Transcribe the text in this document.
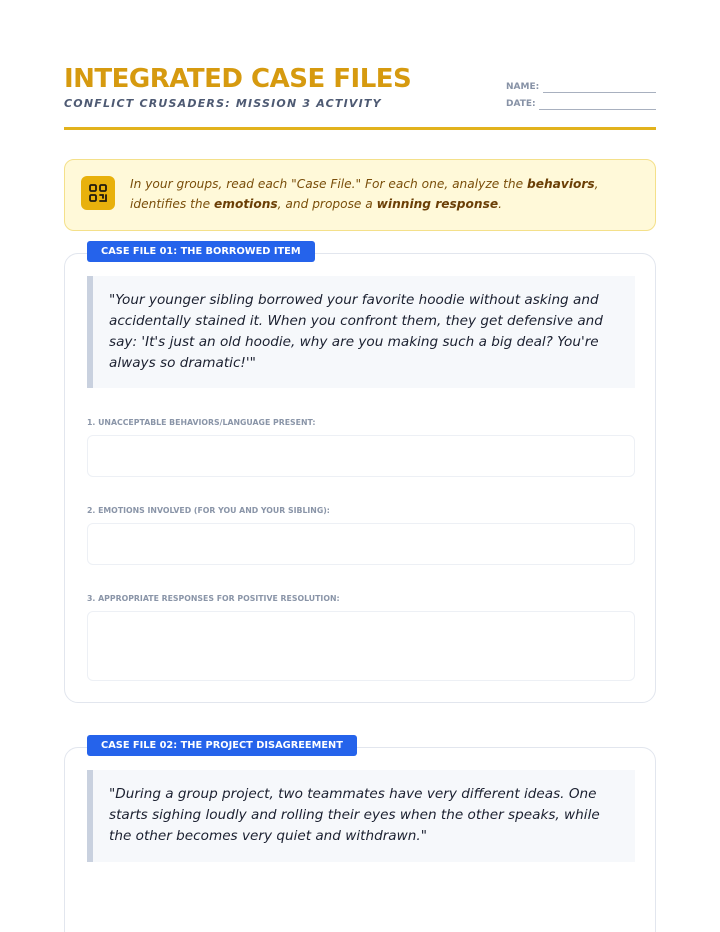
INTEGRATED CASE FILES
CONFLICT CRUSADERS: MISSION 3 ACTIVITY
NAME:
DATE:
In your groups, read each "Case File." For each one, analyze the behaviors, identifies the emotions, and propose a winning response.
CASE FILE 01: THE BORROWED ITEM
"Your younger sibling borrowed your favorite hoodie without asking and accidentally stained it. When you confront them, they get defensive and say: 'It's just an old hoodie, why are you making such a big deal? You're always so dramatic!'"
1. UNACCEPTABLE BEHAVIORS/LANGUAGE PRESENT:
2. EMOTIONS INVOLVED (FOR YOU AND YOUR SIBLING):
3. APPROPRIATE RESPONSES FOR POSITIVE RESOLUTION:
CASE FILE 02: THE PROJECT DISAGREEMENT
"During a group project, two teammates have very different ideas. One starts sighing loudly and rolling their eyes when the other speaks, while the other becomes very quiet and withdrawn."
